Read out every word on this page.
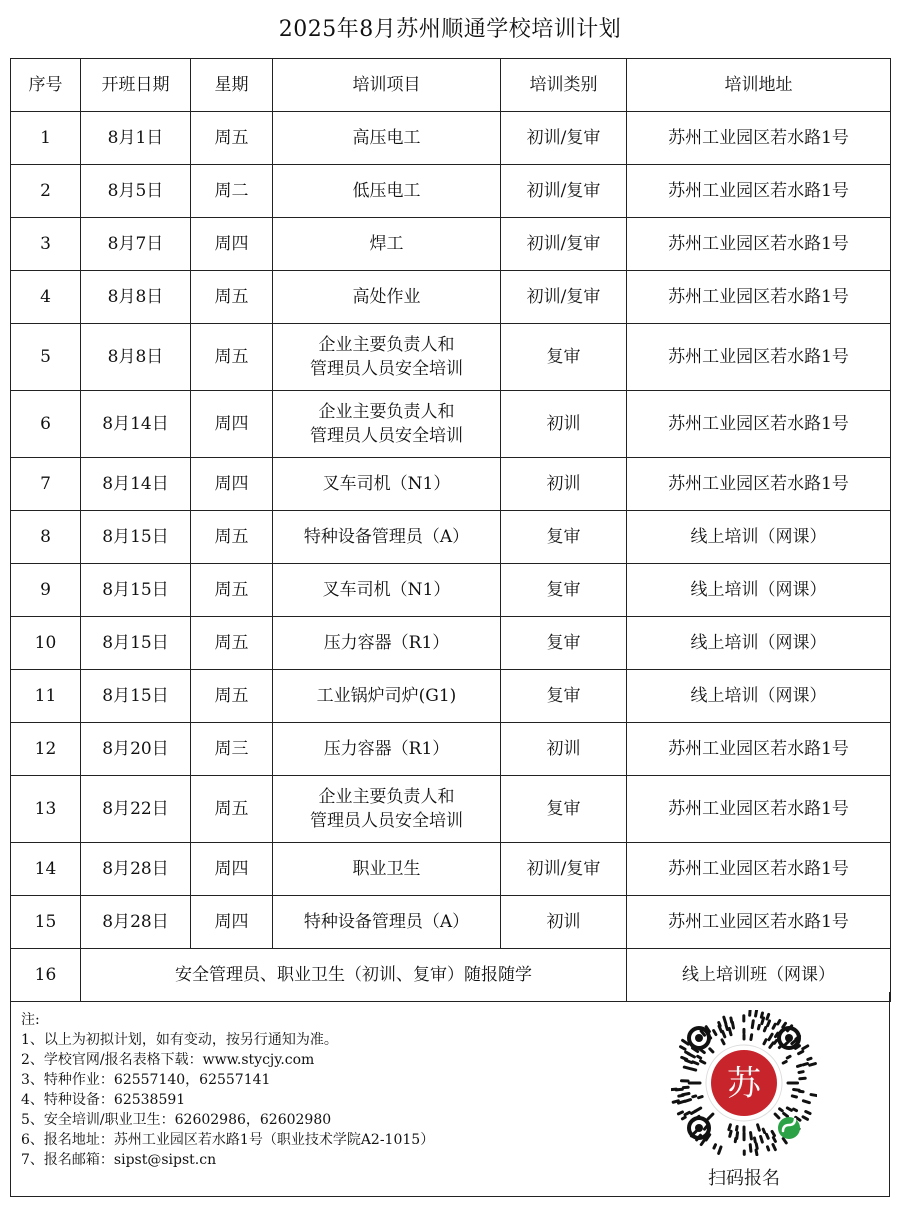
2025年8月苏州顺通学校培训计划
序号	开班日期	星期	培训项目	培训类别	培训地址
1	8月1日	周五	高压电工	初训/复审	苏州工业园区若水路1号
2	8月5日	周二	低压电工	初训/复审	苏州工业园区若水路1号
3	8月7日	周四	焊工	初训/复审	苏州工业园区若水路1号
4	8月8日	周五	高处作业	初训/复审	苏州工业园区若水路1号
5	8月8日	周五	企业主要负责人和
管理员人员安全培训	复审	苏州工业园区若水路1号
6	8月14日	周四	企业主要负责人和
管理员人员安全培训	初训	苏州工业园区若水路1号
7	8月14日	周四	叉车司机（N1）	初训	苏州工业园区若水路1号
8	8月15日	周五	特种设备管理员（A）	复审	线上培训（网课）
9	8月15日	周五	叉车司机（N1）	复审	线上培训（网课）
10	8月15日	周五	压力容器（R1）	复审	线上培训（网课）
11	8月15日	周五	工业锅炉司炉(G1)	复审	线上培训（网课）
12	8月20日	周三	压力容器（R1）	初训	苏州工业园区若水路1号
13	8月22日	周五	企业主要负责人和
管理员人员安全培训	复审	苏州工业园区若水路1号
14	8月28日	周四	职业卫生	初训/复审	苏州工业园区若水路1号
15	8月28日	周四	特种设备管理员（A）	初训	苏州工业园区若水路1号
16	安全管理员、职业卫生（初训、复审）随报随学				线上培训班（网课）
注:
1、以上为初拟计划，如有变动，按另行通知为准。
2、学校官网/报名表格下载：www.stycjy.com
3、特种作业：62557140，62557141
4、特种设备：62538591
5、安全培训/职业卫生：62602986，62602980
6、报名地址：苏州工业园区若水路1号（职业技术学院A2-1015）
7、报名邮箱：sipst@sipst.cn
苏
扫码报名
